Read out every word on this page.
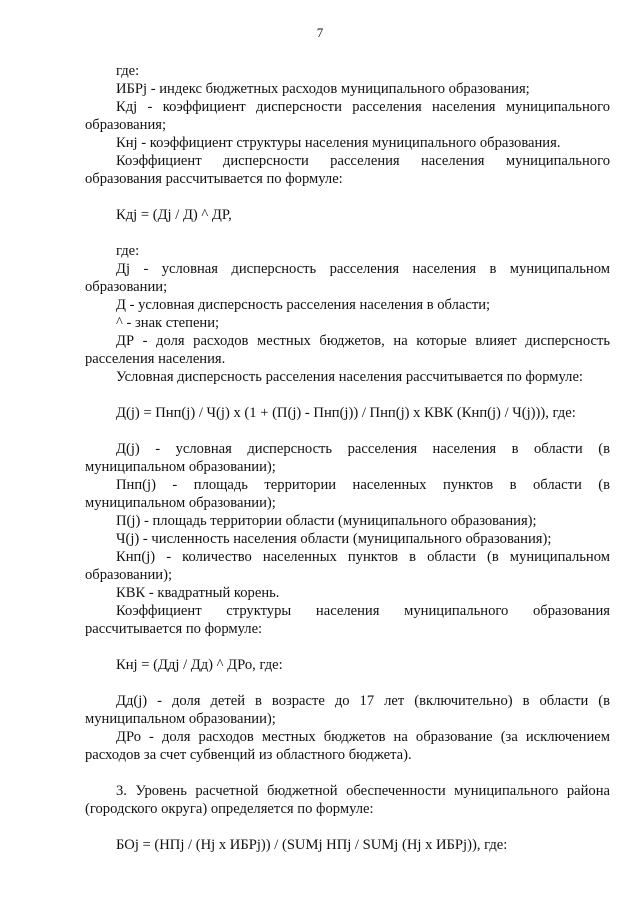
7
где:
ИБРj - индекс бюджетных расходов муниципального образования;
Кдj - коэффициент дисперсности расселения населения муниципального
образования;
Кнj - коэффициент структуры населения муниципального образования.
Коэффициент дисперсности расселения населения муниципального
образования рассчитывается по формуле:
Кдj = (Дj / Д) ^ ДР,
где:
Дj - условная дисперсность расселения населения в муниципальном
образовании;
Д - условная дисперсность расселения населения в области;
^ - знак степени;
ДР - доля расходов местных бюджетов, на которые влияет дисперсность
расселения населения.
Условная дисперсность расселения населения рассчитывается по формуле:
Д(j) = Пнп(j) / Ч(j) x (1 + (П(j) - Пнп(j)) / Пнп(j) x КВК (Кнп(j) / Ч(j))), где:
Д(j) - условная дисперсность расселения населения в области (в
муниципальном образовании);
Пнп(j) - площадь территории населенных пунктов в области (в
муниципальном образовании);
П(j) - площадь территории области (муниципального образования);
Ч(j) - численность населения области (муниципального образования);
Кнп(j) - количество населенных пунктов в области (в муниципальном
образовании);
КВК - квадратный корень.
Коэффициент структуры населения муниципального образования
рассчитывается по формуле:
Кнj = (Ддj / Дд) ^ ДРо, где:
Дд(j) - доля детей в возрасте до 17 лет (включительно) в области (в
муниципальном образовании);
ДРо - доля расходов местных бюджетов на образование (за исключением
расходов за счет субвенций из областного бюджета).
3. Уровень расчетной бюджетной обеспеченности муниципального района
(городского округа) определяется по формуле:
БОj = (НПj / (Нj x ИБРj)) / (SUMj НПj / SUMj (Нj x ИБРj)), где:
